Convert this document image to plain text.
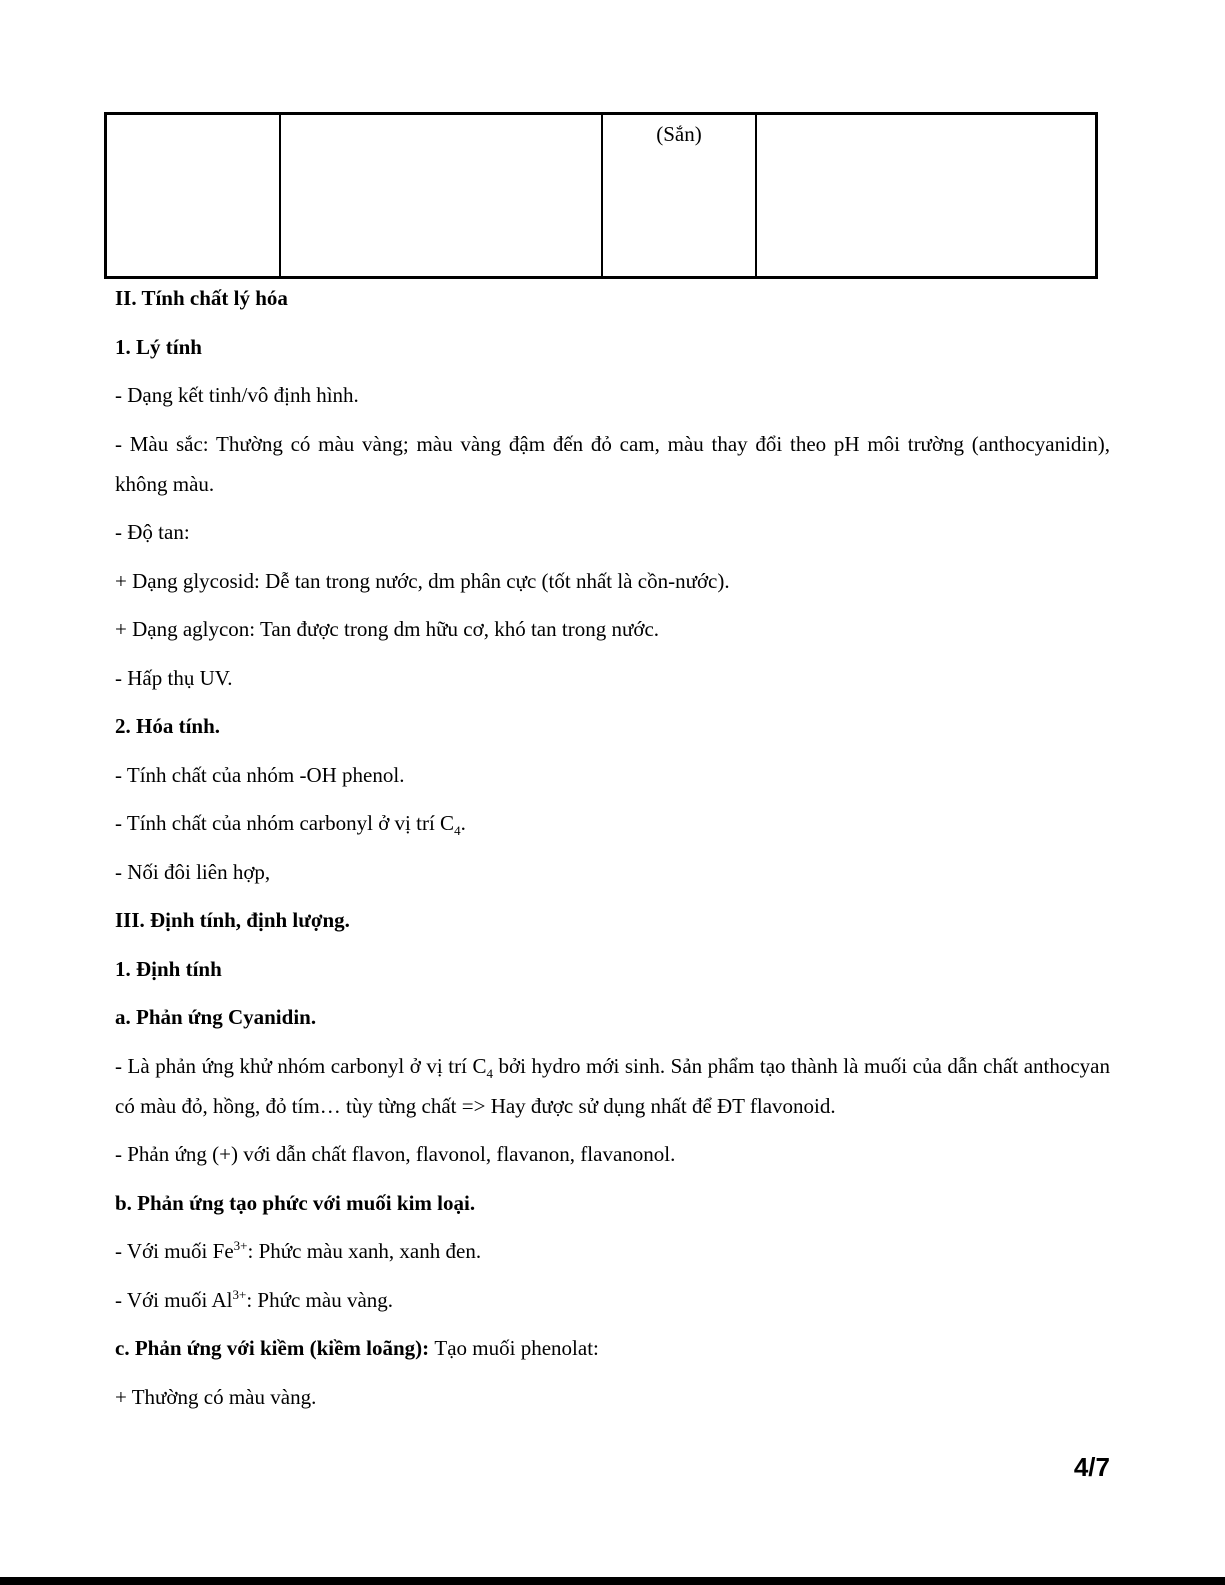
(Sắn)

II. Tính chất lý hóa

1. Lý tính

- Dạng kết tinh/vô định hình.

- Màu sắc: Thường có màu vàng; màu vàng đậm đến đỏ cam, màu thay đổi theo pH môi trường (anthocyanidin), không màu.

- Độ tan:

+ Dạng glycosid: Dễ tan trong nước, dm phân cực (tốt nhất là cồn-nước).

+ Dạng aglycon: Tan được trong dm hữu cơ, khó tan trong nước.

- Hấp thụ UV.

2. Hóa tính.

- Tính chất của nhóm -OH phenol.

- Tính chất của nhóm carbonyl ở vị trí $C_4$.

- Nối đôi liên hợp,

III. Định tính, định lượng.

1. Định tính

a. Phản ứng Cyanidin.

- Là phản ứng khử nhóm carbonyl ở vị trí $C_4$ bởi hydro mới sinh. Sản phẩm tạo thành là muối của dẫn chất anthocyan có màu đỏ, hồng, đỏ tím… tùy từng chất => Hay được sử dụng nhất để ĐT flavonoid.

- Phản ứng (+) với dẫn chất flavon, flavonol, flavanon, flavanonol.

b. Phản ứng tạo phức với muối kim loại.

- Với muối $Fe^{3+}$: Phức màu xanh, xanh đen.

- Với muối $Al^{3+}$: Phức màu vàng.

c. Phản ứng với kiềm (kiềm loãng): Tạo muối phenolat:

+ Thường có màu vàng.

4/7
